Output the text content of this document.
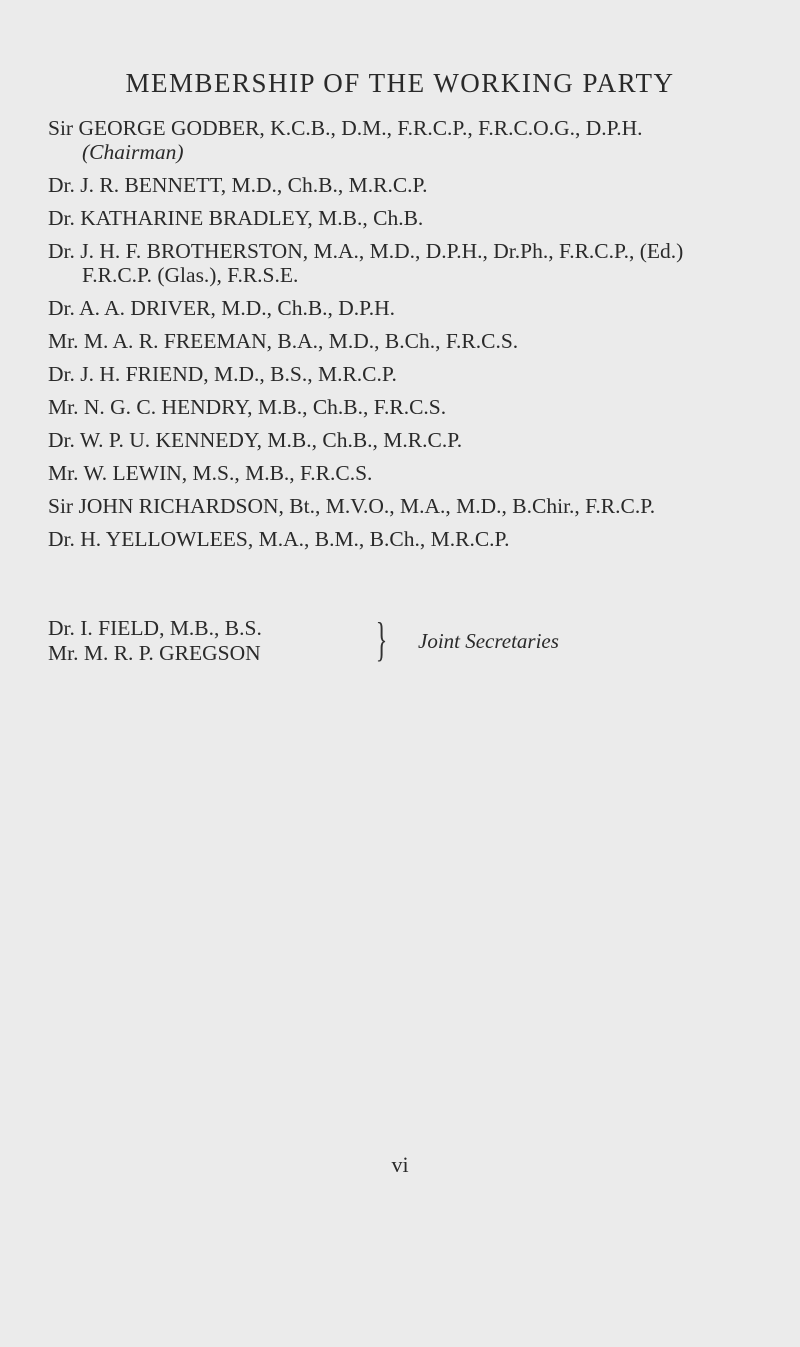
MEMBERSHIP OF THE WORKING PARTY
Sir GEORGE GODBER, K.C.B., D.M., F.R.C.P., F.R.C.O.G., D.P.H.
(Chairman)
Dr. J. R. BENNETT, M.D., Ch.B., M.R.C.P.
Dr. KATHARINE BRADLEY, M.B., Ch.B.
Dr. J. H. F. BROTHERSTON, M.A., M.D., D.P.H., Dr.Ph., F.R.C.P., (Ed.)
F.R.C.P. (Glas.), F.R.S.E.
Dr. A. A. DRIVER, M.D., Ch.B., D.P.H.
Mr. M. A. R. FREEMAN, B.A., M.D., B.Ch., F.R.C.S.
Dr. J. H. FRIEND, M.D., B.S., M.R.C.P.
Mr. N. G. C. HENDRY, M.B., Ch.B., F.R.C.S.
Dr. W. P. U. KENNEDY, M.B., Ch.B., M.R.C.P.
Mr. W. LEWIN, M.S., M.B., F.R.C.S.
Sir JOHN RICHARDSON, Bt., M.V.O., M.A., M.D., B.Chir., F.R.C.P.
Dr. H. YELLOWLEES, M.A., B.M., B.Ch., M.R.C.P.
Dr. I. FIELD, M.B., B.S.
Mr. M. R. P. GREGSON } Joint Secretaries
vi
